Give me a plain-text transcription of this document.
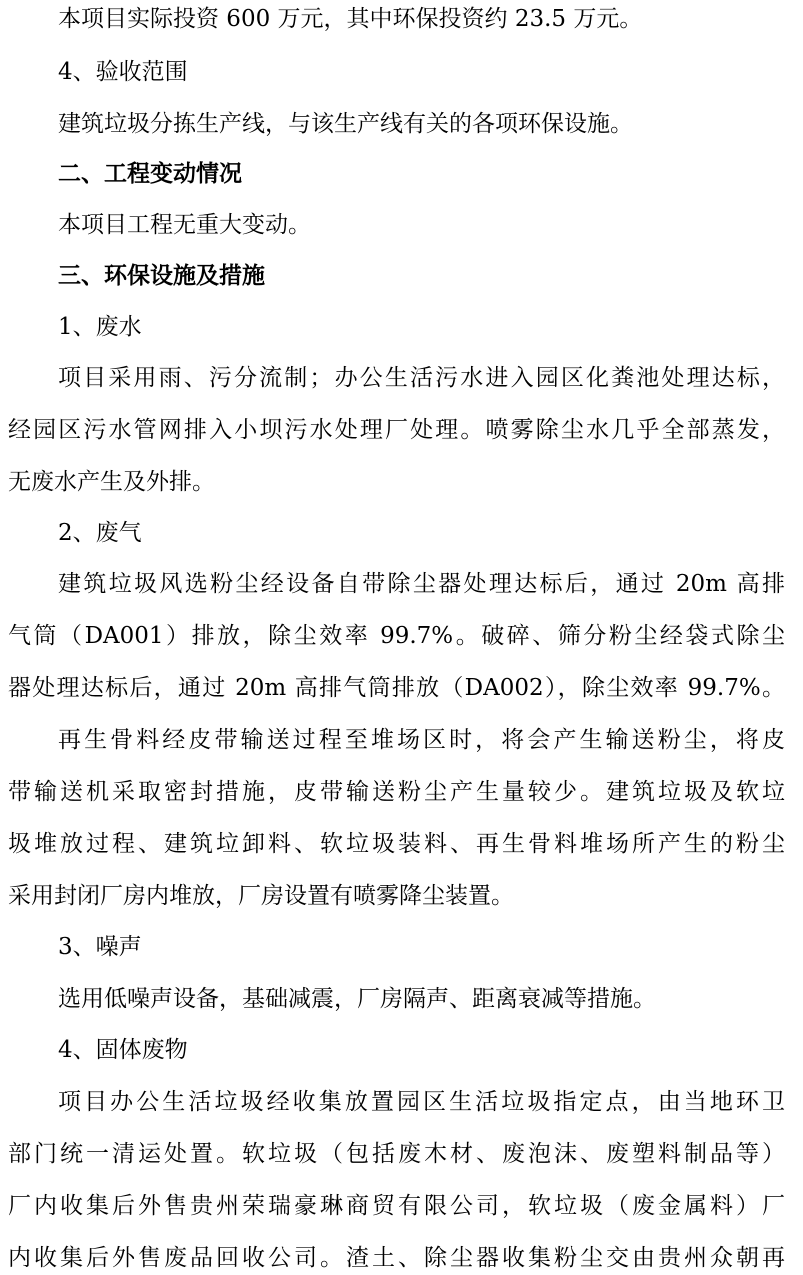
本项目实际投资 600 万元，其中环保投资约 23.5 万元。
4、验收范围
建筑垃圾分拣生产线，与该生产线有关的各项环保设施。
二、工程变动情况
本项目工程无重大变动。
三、环保设施及措施
1、废水
项目采用雨、污分流制；办公生活污水进入园区化粪池处理达标，
经园区污水管网排入小坝污水处理厂处理。喷雾除尘水几乎全部蒸发，
无废水产生及外排。
2、废气
建筑垃圾风选粉尘经设备自带除尘器处理达标后，通过 20m 高排
气筒（DA001）排放，除尘效率 99.7%。破碎、筛分粉尘经袋式除尘
器处理达标后，通过 20m 高排气筒排放（DA002），除尘效率 99.7%。
再生骨料经皮带输送过程至堆场区时，将会产生输送粉尘，将皮
带输送机采取密封措施，皮带输送粉尘产生量较少。建筑垃圾及软垃
圾堆放过程、建筑垃卸料、软垃圾装料、再生骨料堆场所产生的粉尘
采用封闭厂房内堆放，厂房设置有喷雾降尘装置。
3、噪声
选用低噪声设备，基础减震，厂房隔声、距离衰减等措施。
4、固体废物
项目办公生活垃圾经收集放置园区生活垃圾指定点，由当地环卫
部门统一清运处置。软垃圾（包括废木材、废泡沫、废塑料制品等）
厂内收集后外售贵州荣瑞豪琳商贸有限公司，软垃圾（废金属料）厂
内收集后外售废品回收公司。渣土、除尘器收集粉尘交由贵州众朝再
